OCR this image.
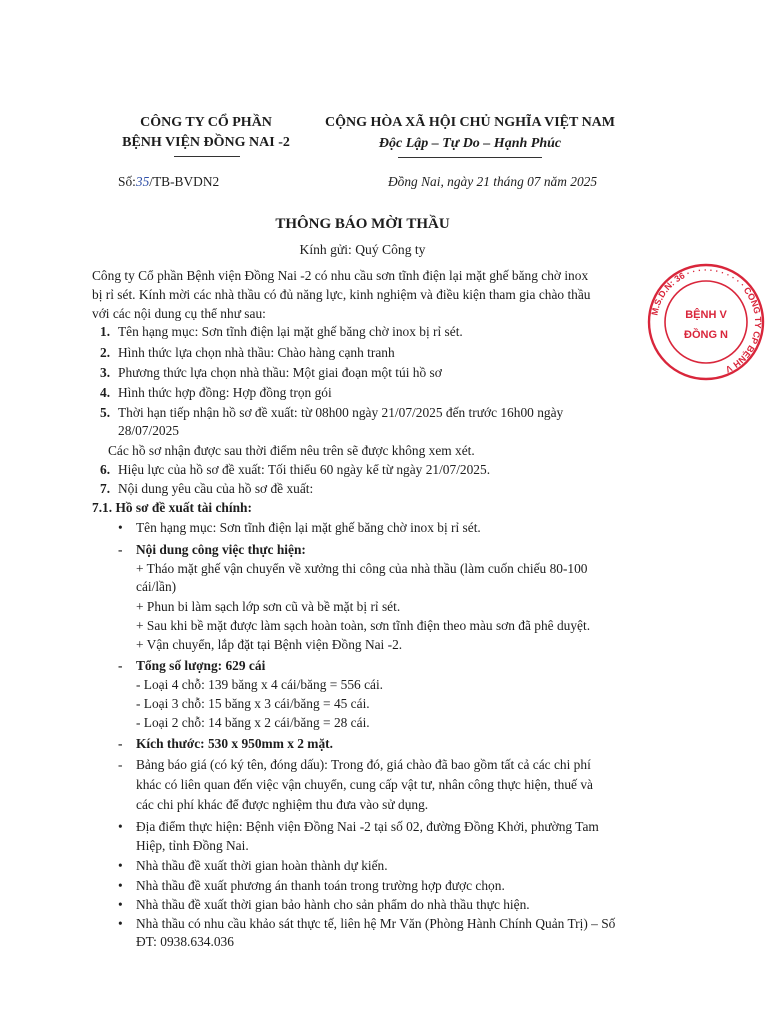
CÔNG TY CỔ PHẦN
BỆNH VIỆN ĐỒNG NAI -2
CỘNG HÒA XÃ HỘI CHỦ NGHĨA VIỆT NAM
Độc Lập – Tự Do – Hạnh Phúc
Số:35/TB-BVDN2	Đồng Nai, ngày 21 tháng 07 năm 2025
THÔNG BÁO MỜI THẦU
Kính gửi: Quý Công ty
Công ty Cổ phần Bệnh viện Đồng Nai -2 có nhu cầu sơn tĩnh điện lại mặt ghế băng chờ inox
bị rỉ sét. Kính mời các nhà thầu có đủ năng lực, kinh nghiệm và điều kiện tham gia chào thầu
với các nội dung cụ thể như sau:
1. Tên hạng mục: Sơn tĩnh điện lại mặt ghế băng chờ inox bị rỉ sét.
2. Hình thức lựa chọn nhà thầu: Chào hàng cạnh tranh
3. Phương thức lựa chọn nhà thầu: Một giai đoạn một túi hồ sơ
4. Hình thức hợp đồng: Hợp đồng trọn gói
5. Thời hạn tiếp nhận hồ sơ đề xuất: từ 08h00 ngày 21/07/2025 đến trước 16h00 ngày
28/07/2025
Các hồ sơ nhận được sau thời điểm nêu trên sẽ được không xem xét.
6. Hiệu lực của hồ sơ đề xuất: Tối thiểu 60 ngày kể từ ngày 21/07/2025.
7. Nội dung yêu cầu của hồ sơ đề xuất:
7.1. Hồ sơ đề xuất tài chính:
• Tên hạng mục: Sơn tĩnh điện lại mặt ghế băng chờ inox bị rỉ sét.
- Nội dung công việc thực hiện:
+ Tháo mặt ghế vận chuyển về xưởng thi công của nhà thầu (làm cuốn chiếu 80-100
cái/lần)
+ Phun bi làm sạch lớp sơn cũ và bề mặt bị rỉ sét.
+ Sau khi bề mặt được làm sạch hoàn toàn, sơn tĩnh điện theo màu sơn đã phê duyệt.
+ Vận chuyển, lắp đặt tại Bệnh viện Đồng Nai -2.
- Tổng số lượng: 629 cái
- Loại 4 chỗ: 139 băng x 4 cái/băng = 556 cái.
- Loại 3 chỗ: 15 băng x 3 cái/băng = 45 cái.
- Loại 2 chỗ: 14 băng x 2 cái/băng = 28 cái.
- Kích thước: 530 x 950mm x 2 mặt.
- Bảng báo giá (có ký tên, đóng dấu): Trong đó, giá chào đã bao gồm tất cả các chi phí
khác có liên quan đến việc vận chuyển, cung cấp vật tư, nhân công thực hiện, thuế và
các chi phí khác để được nghiệm thu đưa vào sử dụng.
• Địa điểm thực hiện: Bệnh viện Đồng Nai -2 tại số 02, đường Đồng Khởi, phường Tam
Hiệp, tỉnh Đồng Nai.
• Nhà thầu đề xuất thời gian hoàn thành dự kiến.
• Nhà thầu đề xuất phương án thanh toán trong trường hợp được chọn.
• Nhà thầu đề xuất thời gian bảo hành cho sản phẩm do nhà thầu thực hiện.
• Nhà thầu có nhu cầu khảo sát thực tế, liên hệ Mr Văn (Phòng Hành Chính Quản Trị) – Số
ĐT: 0938.634.036
M.S.D.N: 36 · · · · · · · · · · · CÔNG TY CP BỆNH V
BỆNH V
ĐỒNG N
